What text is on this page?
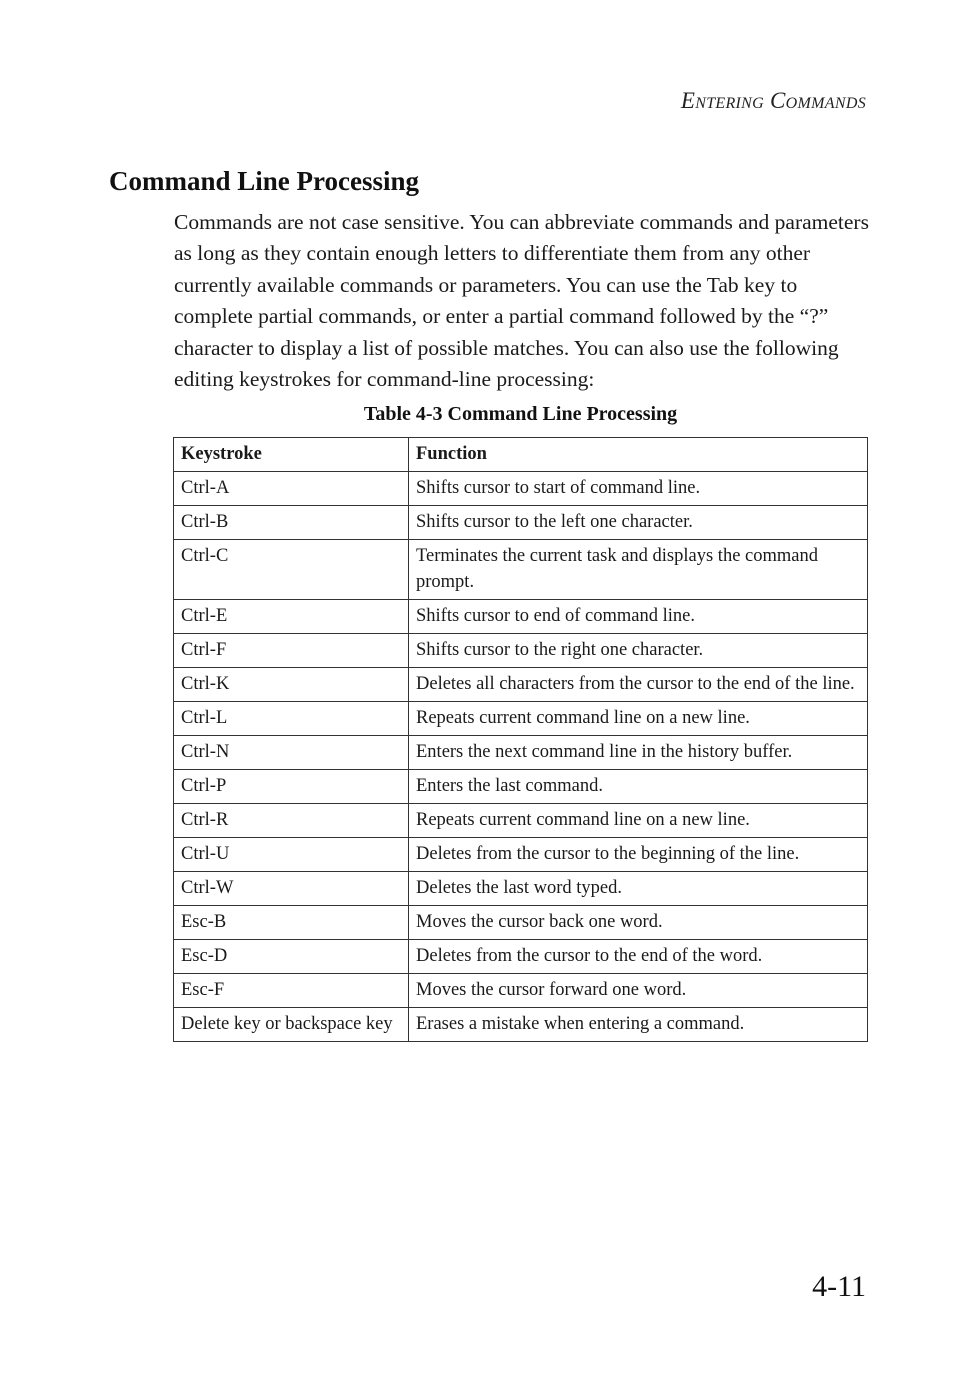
Entering Commands
Command Line Processing

Commands are not case sensitive. You can abbreviate commands and parameters as long as they contain enough letters to differentiate them from any other currently available commands or parameters. You can use the Tab key to complete partial commands, or enter a partial command followed by the “?” character to display a list of possible matches. You can also use the following editing keystrokes for command-line processing:

Table 4-3 Command Line Processing
Keystroke	Function
Ctrl-A	Shifts cursor to start of command line.
Ctrl-B	Shifts cursor to the left one character.
Ctrl-C	Terminates the current task and displays the command prompt.
Ctrl-E	Shifts cursor to end of command line.
Ctrl-F	Shifts cursor to the right one character.
Ctrl-K	Deletes all characters from the cursor to the end of the line.
Ctrl-L	Repeats current command line on a new line.
Ctrl-N	Enters the next command line in the history buffer.
Ctrl-P	Enters the last command.
Ctrl-R	Repeats current command line on a new line.
Ctrl-U	Deletes from the cursor to the beginning of the line.
Ctrl-W	Deletes the last word typed.
Esc-B	Moves the cursor back one word.
Esc-D	Deletes from the cursor to the end of the word.
Esc-F	Moves the cursor forward one word.
Delete key or backspace key	Erases a mistake when entering a command.
4-11
